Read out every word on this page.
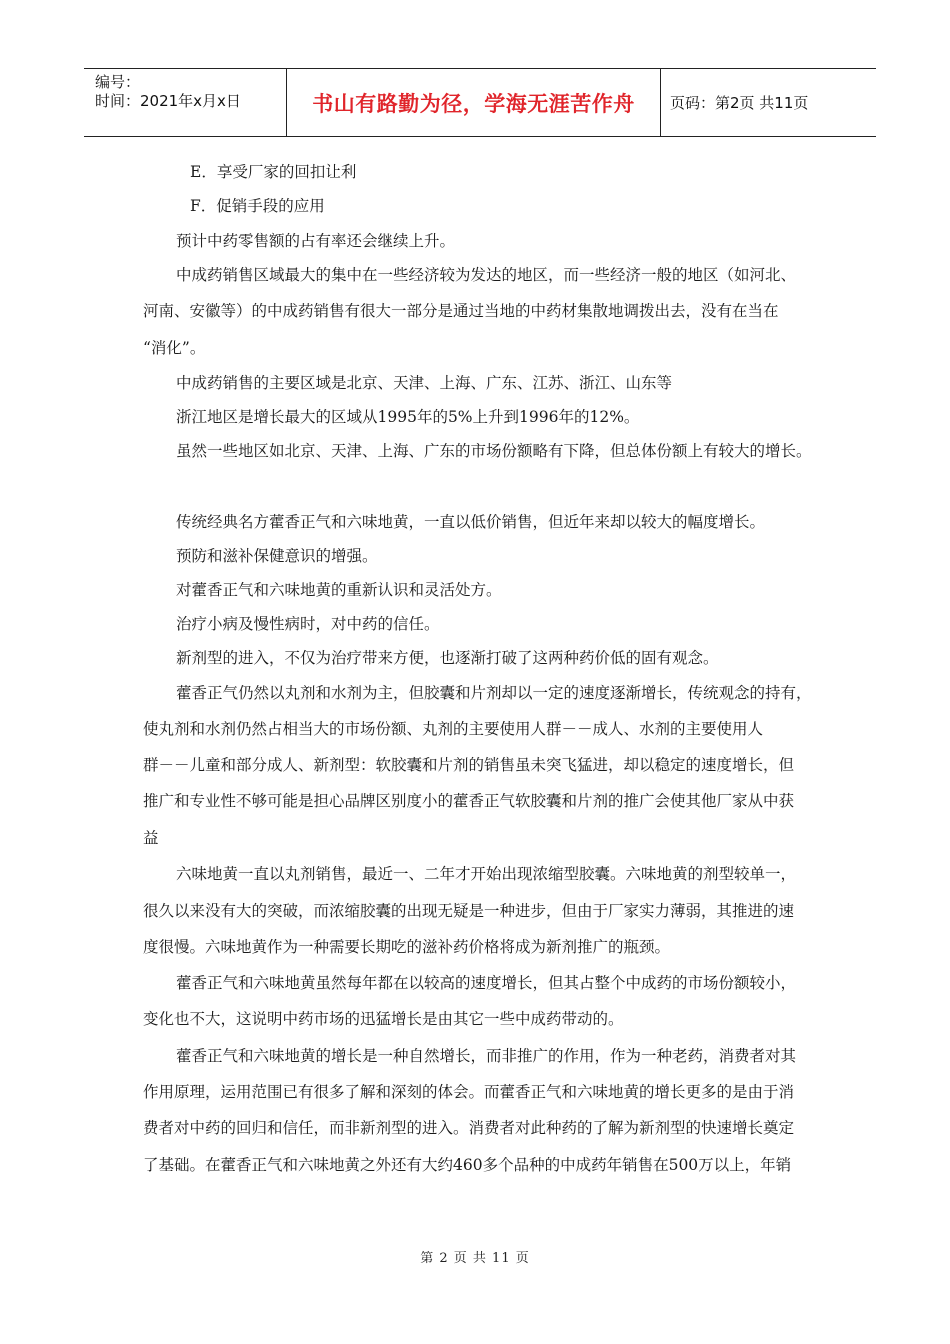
编号：
时间：2021年x月x日	书山有路勤为径，学海无涯苦作舟	页码：第2页 共11页
E．享受厂家的回扣让利
F．促销手段的应用
预计中药零售额的占有率还会继续上升。
中成药销售区域最大的集中在一些经济较为发达的地区，而一些经济一般的地区（如河北、
河南、安徽等）的中成药销售有很大一部分是通过当地的中药材集散地调拨出去，没有在当在
“消化”。
中成药销售的主要区域是北京、天津、上海、广东、江苏、浙江、山东等
浙江地区是增长最大的区域从1995年的5%上升到1996年的12%。
虽然一些地区如北京、天津、上海、广东的市场份额略有下降，但总体份额上有较大的增长。
传统经典名方藿香正气和六味地黄，一直以低价销售，但近年来却以较大的幅度增长。
预防和滋补保健意识的增强。
对藿香正气和六味地黄的重新认识和灵活处方。
治疗小病及慢性病时，对中药的信任。
新剂型的进入，不仅为治疗带来方便，也逐渐打破了这两种药价低的固有观念。
藿香正气仍然以丸剂和水剂为主，但胶囊和片剂却以一定的速度逐渐增长，传统观念的持有，
使丸剂和水剂仍然占相当大的市场份额、丸剂的主要使用人群－－成人、水剂的主要使用人
群－－儿童和部分成人、新剂型：软胶囊和片剂的销售虽未突飞猛进，却以稳定的速度增长，但
推广和专业性不够可能是担心品牌区别度小的藿香正气软胶囊和片剂的推广会使其他厂家从中获
益
六味地黄一直以丸剂销售，最近一、二年才开始出现浓缩型胶囊。六味地黄的剂型较单一，
很久以来没有大的突破，而浓缩胶囊的出现无疑是一种进步，但由于厂家实力薄弱，其推进的速
度很慢。六味地黄作为一种需要长期吃的滋补药价格将成为新剂推广的瓶颈。
藿香正气和六味地黄虽然每年都在以较高的速度增长，但其占整个中成药的市场份额较小，
变化也不大，这说明中药市场的迅猛增长是由其它一些中成药带动的。
藿香正气和六味地黄的增长是一种自然增长，而非推广的作用，作为一种老药，消费者对其
作用原理，运用范围已有很多了解和深刻的体会。而藿香正气和六味地黄的增长更多的是由于消
费者对中药的回归和信任，而非新剂型的进入。消费者对此种药的了解为新剂型的快速增长奠定
了基础。在藿香正气和六味地黄之外还有大约460多个品种的中成药年销售在500万以上，年销
第 2 页 共 11 页
